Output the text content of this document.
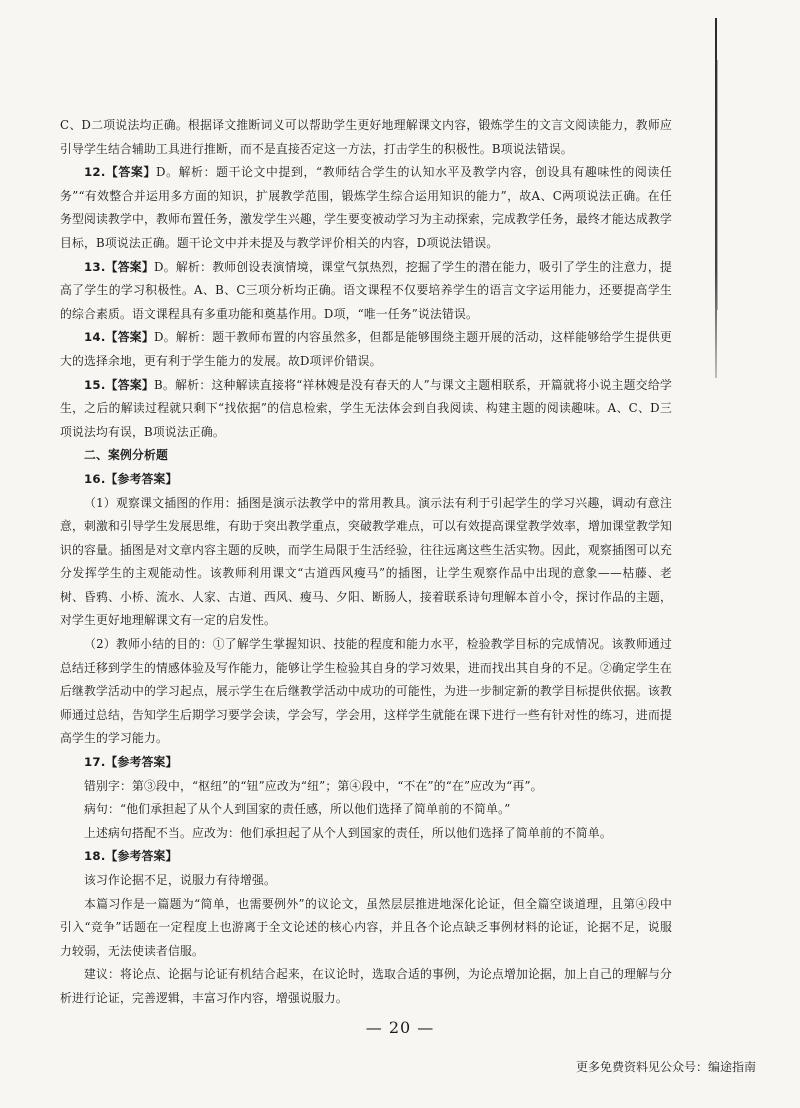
C、D二项说法均正确。根据译文推断词义可以帮助学生更好地理解课文内容，锻炼学生的文言文阅读能力，教师应引导学生结合辅助工具进行推断，而不是直接否定这一方法，打击学生的积极性。B项说法错误。

12.【答案】D。解析：题干论文中提到，“教师结合学生的认知水平及教学内容，创设具有趣味性的阅读任务”“有效整合并运用多方面的知识，扩展教学范围，锻炼学生综合运用知识的能力”，故A、C两项说法正确。在任务型阅读教学中，教师布置任务，激发学生兴趣，学生要变被动学习为主动探索，完成教学任务，最终才能达成教学目标，B项说法正确。题干论文中并未提及与教学评价相关的内容，D项说法错误。

13.【答案】D。解析：教师创设表演情境，课堂气氛热烈，挖掘了学生的潜在能力，吸引了学生的注意力，提高了学生的学习积极性。A、B、C三项分析均正确。语文课程不仅要培养学生的语言文字运用能力，还要提高学生的综合素质。语文课程具有多重功能和奠基作用。D项，“唯一任务”说法错误。

14.【答案】D。解析：题干教师布置的内容虽然多，但都是能够围绕主题开展的活动，这样能够给学生提供更大的选择余地，更有利于学生能力的发展。故D项评价错误。

15.【答案】B。解析：这种解读直接将“祥林嫂是没有春天的人”与课文主题相联系，开篇就将小说主题交给学生，之后的解读过程就只剩下“找依据”的信息检索，学生无法体会到自我阅读、构建主题的阅读趣味。A、C、D三项说法均有误，B项说法正确。

二、案例分析题

16.【参考答案】

（1）观察课文插图的作用：插图是演示法教学中的常用教具。演示法有利于引起学生的学习兴趣，调动有意注意，刺激和引导学生发展思维，有助于突出教学重点，突破教学难点，可以有效提高课堂教学效率，增加课堂教学知识的容量。插图是对文章内容主题的反映，而学生局限于生活经验，往往远离这些生活实物。因此，观察插图可以充分发挥学生的主观能动性。该教师利用课文“古道西风瘦马”的插图，让学生观察作品中出现的意象——枯藤、老树、昏鸦、小桥、流水、人家、古道、西风、瘦马、夕阳、断肠人，接着联系诗句理解本首小令，探讨作品的主题，对学生更好地理解课文有一定的启发性。

（2）教师小结的目的：①了解学生掌握知识、技能的程度和能力水平，检验教学目标的完成情况。该教师通过总结迁移到学生的情感体验及写作能力，能够让学生检验其自身的学习效果，进而找出其自身的不足。②确定学生在后继教学活动中的学习起点，展示学生在后继教学活动中成功的可能性，为进一步制定新的教学目标提供依据。该教师通过总结，告知学生后期学习要学会读，学会写，学会用，这样学生就能在课下进行一些有针对性的练习，进而提高学生的学习能力。

17.【参考答案】

错别字：第③段中，“枢纽”的“钮”应改为“纽”；第④段中，“不在”的“在”应改为“再”。

病句：“他们承担起了从个人到国家的责任感，所以他们选择了简单前的不简单。”

上述病句搭配不当。应改为：他们承担起了从个人到国家的责任，所以他们选择了简单前的不简单。

18.【参考答案】

该习作论据不足，说服力有待增强。

本篇习作是一篇题为“简单，也需要例外”的议论文，虽然层层推进地深化论证，但全篇空谈道理，且第④段中引入“竞争”话题在一定程度上也游离于全文论述的核心内容，并且各个论点缺乏事例材料的论证，论据不足，说服力较弱，无法使读者信服。

建议：将论点、论据与论证有机结合起来，在议论时，选取合适的事例，为论点增加论据，加上自己的理解与分析进行论证，完善逻辑，丰富习作内容，增强说服力。

— 20 —
更多免费资料见公众号：编途指南
